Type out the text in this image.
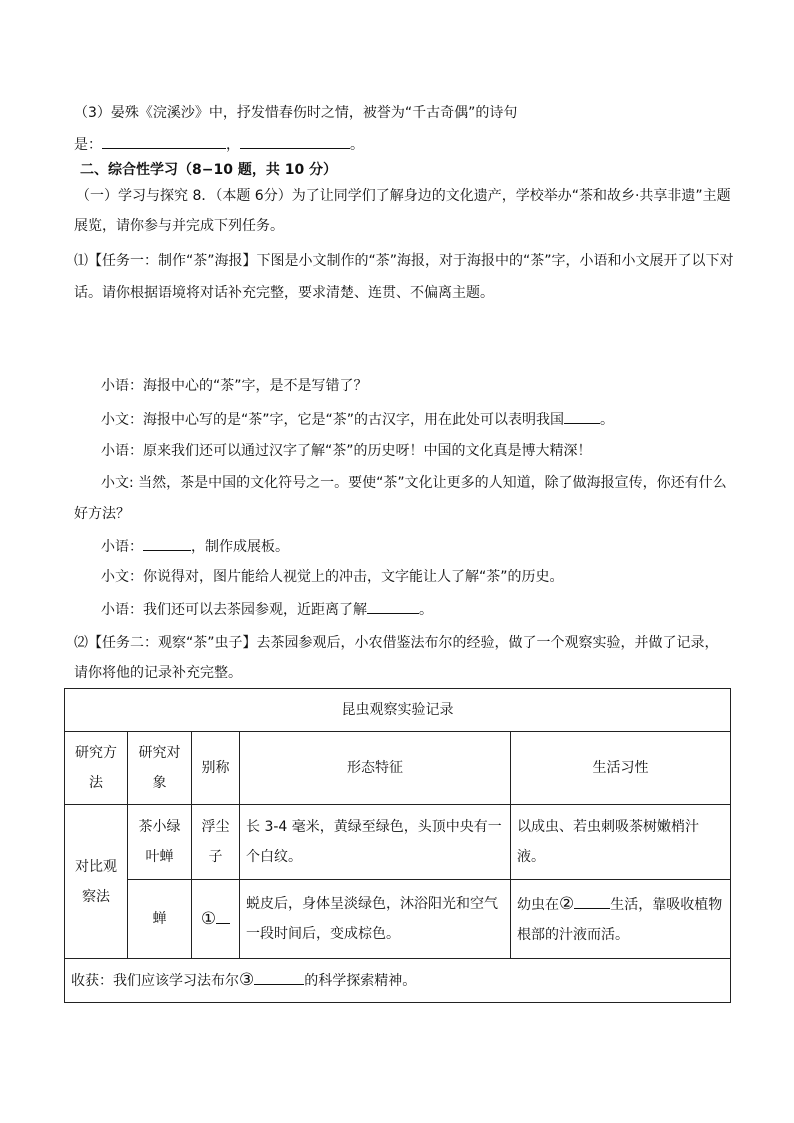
（3）晏殊《浣溪沙》中，抒发惜春伤时之情，被誉为“千古奇偶”的诗句
是：	，	。
二、综合性学习（8−10 题，共 10 分）
（一）学习与探究 8．（本题 6分）为了让同学们了解身边的文化遗产，学校举办“茶和故乡·共享非遗”主题
展览，请你参与并完成下列任务。
⑴【任务一：制作“茶”海报】下图是小文制作的“茶”海报，对于海报中的“茶”字，小语和小文展开了以下对
话。请你根据语境将对话补充完整，要求清楚、连贯、不偏离主题。
小语：海报中心的“茶”字，是不是写错了？
小文：海报中心写的是“茶”字，它是“茶”的古汉字，用在此处可以表明我国	。
小语：原来我们还可以通过汉字了解“茶”的历史呀！中国的文化真是博大精深！
小文: 当然，茶是中国的文化符号之一。要使“茶”文化让更多的人知道，除了做海报宣传，你还有什么
好方法？
小语：	，制作成展板。
小文：你说得对，图片能给人视觉上的冲击，文字能让人了解“茶”的历史。
小语：我们还可以去茶园参观，近距离了解	。
⑵【任务二：观察“茶”虫子】去茶园参观后，小农借鉴法布尔的经验，做了一个观察实验，并做了记录，
请你将他的记录补充完整。
昆虫观察实验记录				
研究方法	研究对象	别称	形态特征	生活习性
对比观察法	茶小绿叶蝉	浮尘子	长 3-4 毫米，黄绿至绿色，头顶中央有一个白纹。	以成虫、若虫刺吸茶树嫩梢汁液。
	蝉	①	蜕皮后，身体呈淡绿色，沐浴阳光和空气一段时间后，变成棕色。	幼虫在② 生活，靠吸收植物根部的汁液而活。
收获：我们应该学习法布尔③ 的科学探索精神。				
